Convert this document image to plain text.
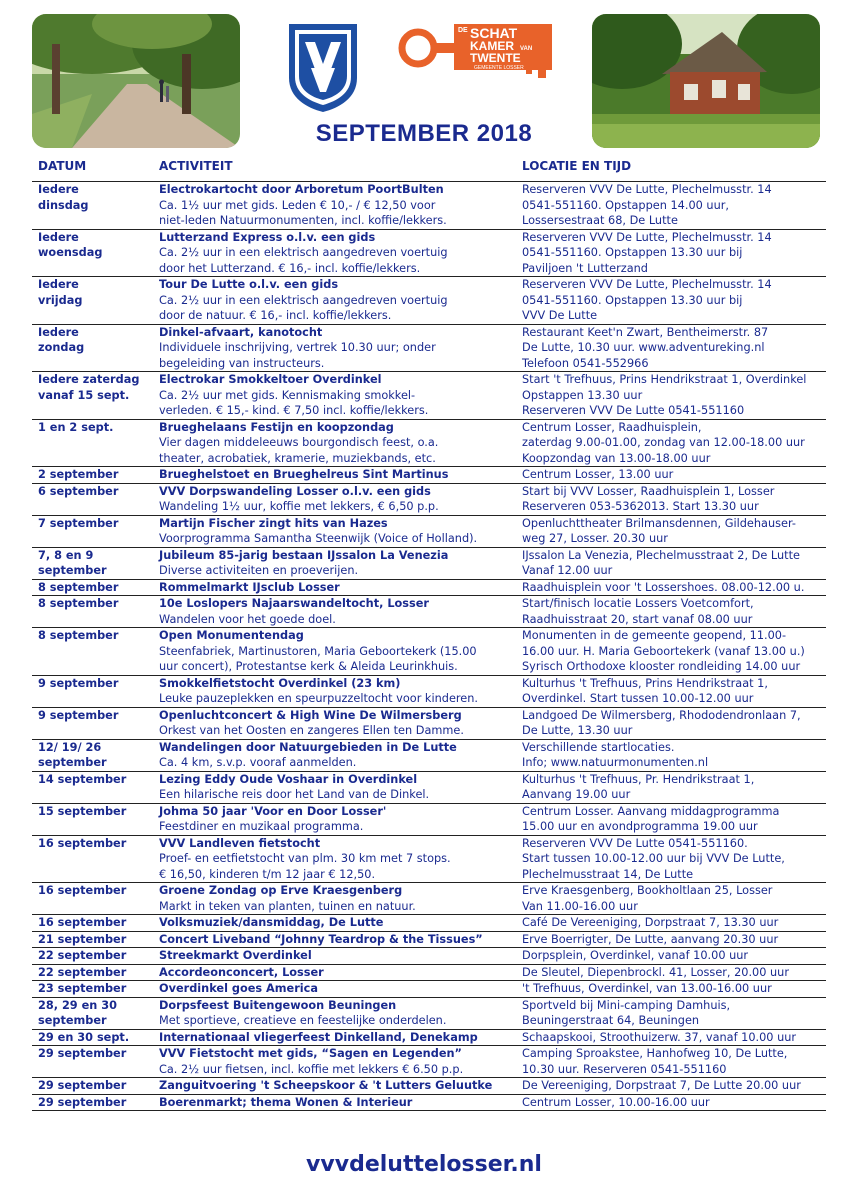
DE SCHAT
KAMER VAN
TWENTE
GEMEENTE LOSSER
SEPTEMBER 2018
DATUM	ACTIVITEIT	LOCATIE EN TIJD

Iedere
dinsdag	Electrokartocht door Arboretum PoortBulten
Ca. 1½ uur met gids. Leden € 10,- / € 12,50 voor
niet-leden Natuurmonumenten, incl. koffie/lekkers.	Reserveren VVV De Lutte, Plechelmusstr. 14
0541-551160. Opstappen 14.00 uur,
Lossersestraat 68, De Lutte

Iedere
woensdag	Lutterzand Express o.l.v. een gids
Ca. 2½ uur in een elektrisch aangedreven voertuig
door het Lutterzand. € 16,- incl. koffie/lekkers.	Reserveren VVV De Lutte, Plechelmusstr. 14
0541-551160. Opstappen 13.30 uur bij
Paviljoen 't Lutterzand

Iedere
vrijdag	Tour De Lutte o.l.v. een gids
Ca. 2½ uur in een elektrisch aangedreven voertuig
door de natuur. € 16,- incl. koffie/lekkers.	Reserveren VVV De Lutte, Plechelmusstr. 14
0541-551160. Opstappen 13.30 uur bij
VVV De Lutte

Iedere
zondag	Dinkel-afvaart, kanotocht
Individuele inschrijving, vertrek 10.30 uur; onder
begeleiding van instructeurs.	Restaurant Keet'n Zwart, Bentheimerstr. 87
De Lutte, 10.30 uur. www.adventureking.nl
Telefoon 0541-552966

Iedere zaterdag
vanaf 15 sept.	Electrokar Smokkeltoer Overdinkel
Ca. 2½ uur met gids. Kennismaking smokkel-
verleden. € 15,- kind. € 7,50 incl. koffie/lekkers.	Start 't Trefhuus, Prins Hendrikstraat 1, Overdinkel
Opstappen 13.30 uur
Reserveren VVV De Lutte 0541-551160

1 en 2 sept.	Brueghelaans Festijn en koopzondag
Vier dagen middeleeuws bourgondisch feest, o.a.
theater, acrobatiek, kramerie, muziekbands, etc.	Centrum Losser, Raadhuisplein,
zaterdag 9.00-01.00, zondag van 12.00-18.00 uur
Koopzondag van 13.00-18.00 uur

2 september	Brueghelstoet en Brueghelreus Sint Martinus	Centrum Losser, 13.00 uur

6 september	VVV Dorpswandeling Losser o.l.v. een gids
Wandeling 1½ uur, koffie met lekkers, € 6,50 p.p.	Start bij VVV Losser, Raadhuisplein 1, Losser
Reserveren 053-5362013. Start 13.30 uur

7 september	Martijn Fischer zingt hits van Hazes
Voorprogramma Samantha Steenwijk (Voice of Holland).	Openluchttheater Brilmansdennen, Gildehauser-
weg 27, Losser. 20.30 uur

7, 8 en 9
september	Jubileum 85-jarig bestaan IJssalon La Venezia
Diverse activiteiten en proeverijen.	IJssalon La Venezia, Plechelmusstraat 2, De Lutte
Vanaf 12.00 uur

8 september	Rommelmarkt IJsclub Losser	Raadhuisplein voor 't Lossershoes. 08.00-12.00 u.

8 september	10e Loslopers Najaarswandeltocht, Losser
Wandelen voor het goede doel.	Start/finisch locatie Lossers Voetcomfort,
Raadhuisstraat 20, start vanaf 08.00 uur

8 september	Open Monumentendag
Steenfabriek, Martinustoren, Maria Geboortekerk (15.00
uur concert), Protestantse kerk & Aleida Leurinkhuis.	Monumenten in de gemeente geopend, 11.00-
16.00 uur. H. Maria Geboortekerk (vanaf 13.00 u.)
Syrisch Orthodoxe klooster rondleiding 14.00 uur

9 september	Smokkelfietstocht Overdinkel (23 km)
Leuke pauzeplekken en speurpuzzeltocht voor kinderen.	Kulturhus 't Trefhuus, Prins Hendrikstraat 1,
Overdinkel. Start tussen 10.00-12.00 uur

9 september	Openluchtconcert & High Wine De Wilmersberg
Orkest van het Oosten en zangeres Ellen ten Damme.	Landgoed De Wilmersberg, Rhododendronlaan 7,
De Lutte, 13.30 uur

12/ 19/ 26
september	Wandelingen door Natuurgebieden in De Lutte
Ca. 4 km, s.v.p. vooraf aanmelden.	Verschillende startlocaties.
Info; www.natuurmonumenten.nl

14 september	Lezing Eddy Oude Voshaar in Overdinkel
Een hilarische reis door het Land van de Dinkel.	Kulturhus 't Trefhuus, Pr. Hendrikstraat 1,
Aanvang 19.00 uur

15 september	Johma 50 jaar 'Voor en Door Losser'
Feestdiner en muzikaal programma.	Centrum Losser. Aanvang middagprogramma
15.00 uur en avondprogramma 19.00 uur

16 september	VVV Landleven fietstocht
Proef- en eetfietstocht van plm. 30 km met 7 stops.
€ 16,50, kinderen t/m 12 jaar € 12,50.	Reserveren VVV De Lutte 0541-551160.
Start tussen 10.00-12.00 uur bij VVV De Lutte,
Plechelmusstraat 14, De Lutte

16 september	Groene Zondag op Erve Kraesgenberg
Markt in teken van planten, tuinen en natuur.	Erve Kraesgenberg, Bookholtlaan 25, Losser
Van 11.00-16.00 uur

16 september	Volksmuziek/dansmiddag, De Lutte	Café De Vereeniging, Dorpstraat 7, 13.30 uur

21 september	Concert Liveband “Johnny Teardrop & the Tissues”	Erve Boerrigter, De Lutte, aanvang 20.30 uur

22 september	Streekmarkt Overdinkel	Dorpsplein, Overdinkel, vanaf 10.00 uur

22 september	Accordeonconcert, Losser	De Sleutel, Diepenbrockl. 41, Losser, 20.00 uur

23 september	Overdinkel goes America	't Trefhuus, Overdinkel, van 13.00-16.00 uur

28, 29 en 30
september	Dorpsfeest Buitengewoon Beuningen
Met sportieve, creatieve en feestelijke onderdelen.	Sportveld bij Mini-camping Damhuis,
Beuningerstraat 64, Beuningen

29 en 30 sept.	Internationaal vliegerfeest Dinkelland, Denekamp	Schaapskooi, Stroothuizerw. 37, vanaf 10.00 uur

29 september	VVV Fietstocht met gids, “Sagen en Legenden”
Ca. 2½ uur fietsen, incl. koffie met lekkers € 6.50 p.p.	Camping Sproakstee, Hanhofweg 10, De Lutte,
10.30 uur. Reserveren 0541-551160

29 september	Zanguitvoering 't Scheepskoor & 't Lutters Geluutke	De Vereeniging, Dorpstraat 7, De Lutte 20.00 uur

29 september	Boerenmarkt; thema Wonen & Interieur	Centrum Losser, 10.00-16.00 uur
vvvdeluttelosser.nl
